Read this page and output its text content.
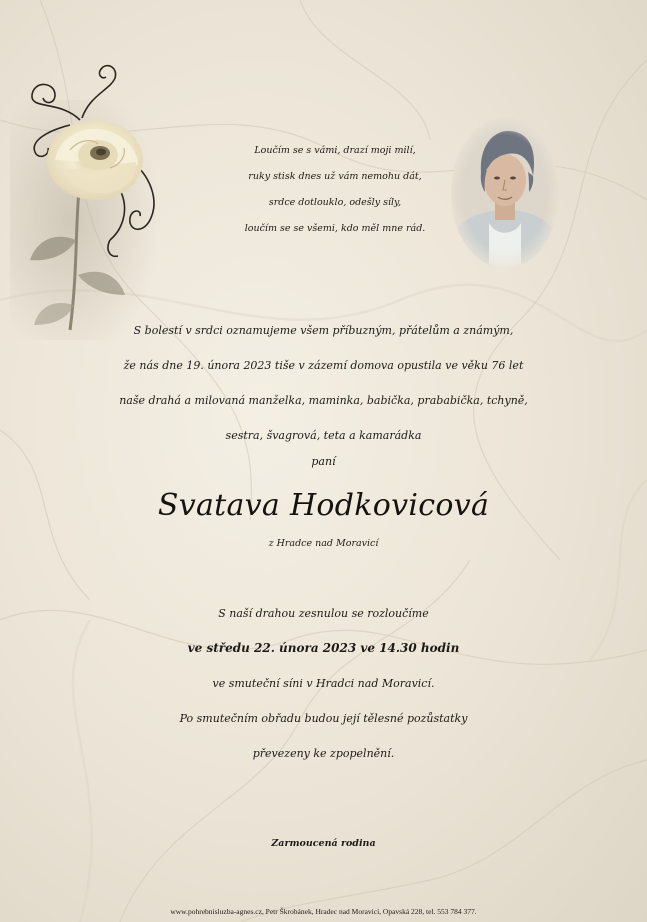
Loučím se s vámi, drazí moji milí,
ruky stisk dnes už vám nemohu dát,
srdce dotlouklo, odešly síly,
loučím se se všemi, kdo měl mne rád.
S bolestí v srdci oznamujeme všem příbuzným, přátelům a známým,
že nás dne 19. února 2023 tiše v zázemí domova opustila ve věku 76 let
naše drahá a milovaná manželka, maminka, babička, prababička, tchyně,
sestra, švagrová, teta a kamarádka
paní
Svatava Hodkovicová
z Hradce nad Moravicí
S naší drahou zesnulou se rozloučíme
ve středu 22. února 2023 ve 14.30 hodin
ve smuteční síni v Hradci nad Moravicí.
Po smutečním obřadu budou její tělesné pozůstatky
převezeny ke zpopelnění.
Zarmoucená rodina
www.pohrebnisluzba-agnes.cz, Petr Škrobánek, Hradec nad Moravicí, Opavská 228, tel. 553 784 377.
